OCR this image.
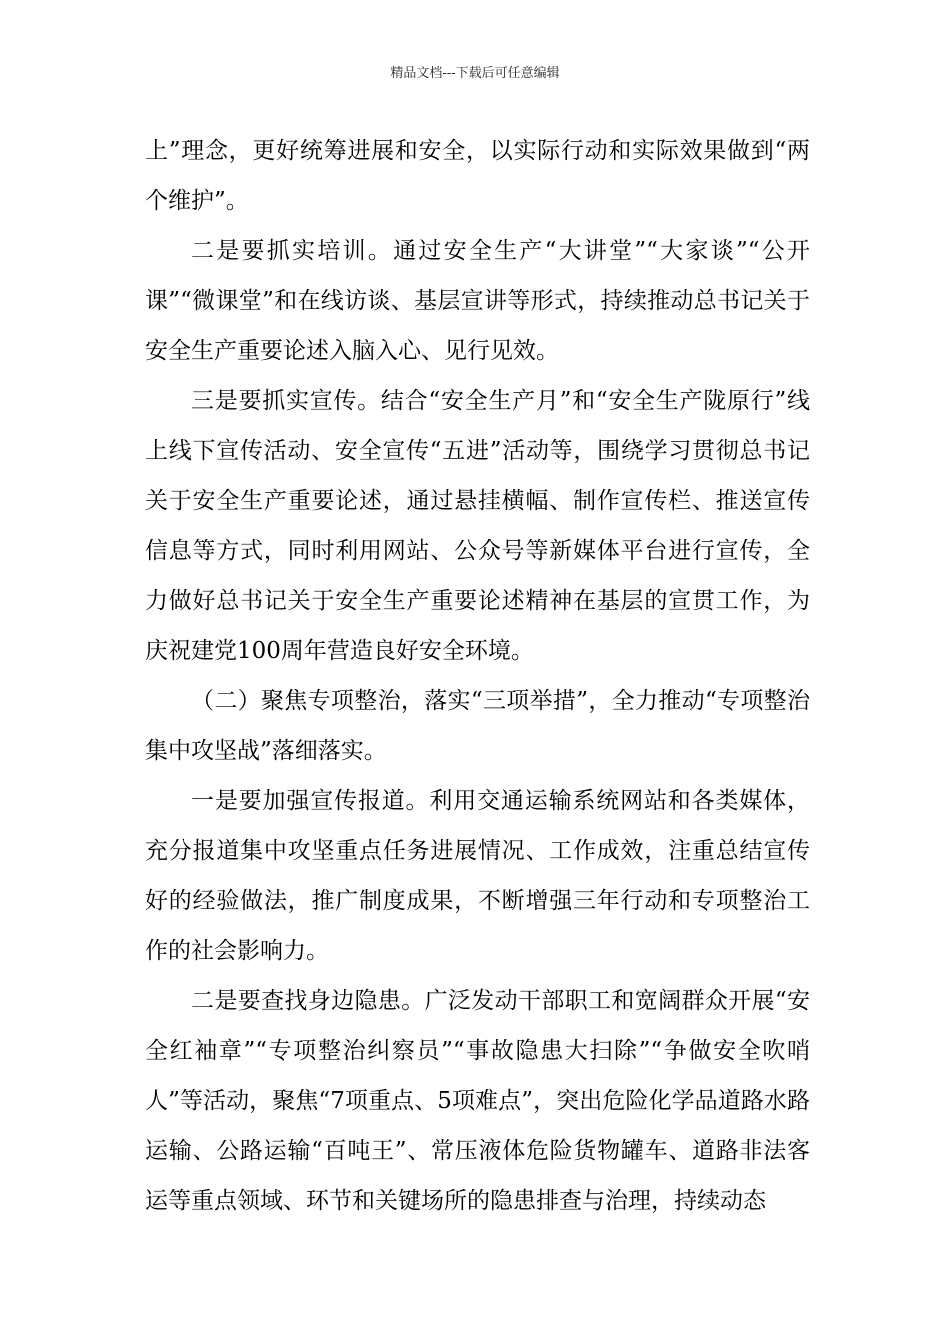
精品文档---下载后可任意编辑

上”理念，更好统筹进展和安全，以实际行动和实际效果做到“两个维护”。

二是要抓实培训。通过安全生产“大讲堂”“大家谈”“公开课”“微课堂”和在线访谈、基层宣讲等形式，持续推动总书记关于安全生产重要论述入脑入心、见行见效。

三是要抓实宣传。结合“安全生产月”和“安全生产陇原行”线上线下宣传活动、安全宣传“五进”活动等，围绕学习贯彻总书记关于安全生产重要论述，通过悬挂横幅、制作宣传栏、推送宣传信息等方式，同时利用网站、公众号等新媒体平台进行宣传，全力做好总书记关于安全生产重要论述精神在基层的宣贯工作，为庆祝建党100周年营造良好安全环境。

（二）聚焦专项整治，落实“三项举措”，全力推动“专项整治集中攻坚战”落细落实。

一是要加强宣传报道。利用交通运输系统网站和各类媒体，充分报道集中攻坚重点任务进展情况、工作成效，注重总结宣传好的经验做法，推广制度成果，不断增强三年行动和专项整治工作的社会影响力。

二是要查找身边隐患。广泛发动干部职工和宽阔群众开展“安全红袖章”“专项整治纠察员”“事故隐患大扫除”“争做安全吹哨人”等活动，聚焦“7项重点、5项难点”，突出危险化学品道路水路运输、公路运输“百吨王”、常压液体危险货物罐车、道路非法客运等重点领域、环节和关键场所的隐患排查与治理，持续动态
